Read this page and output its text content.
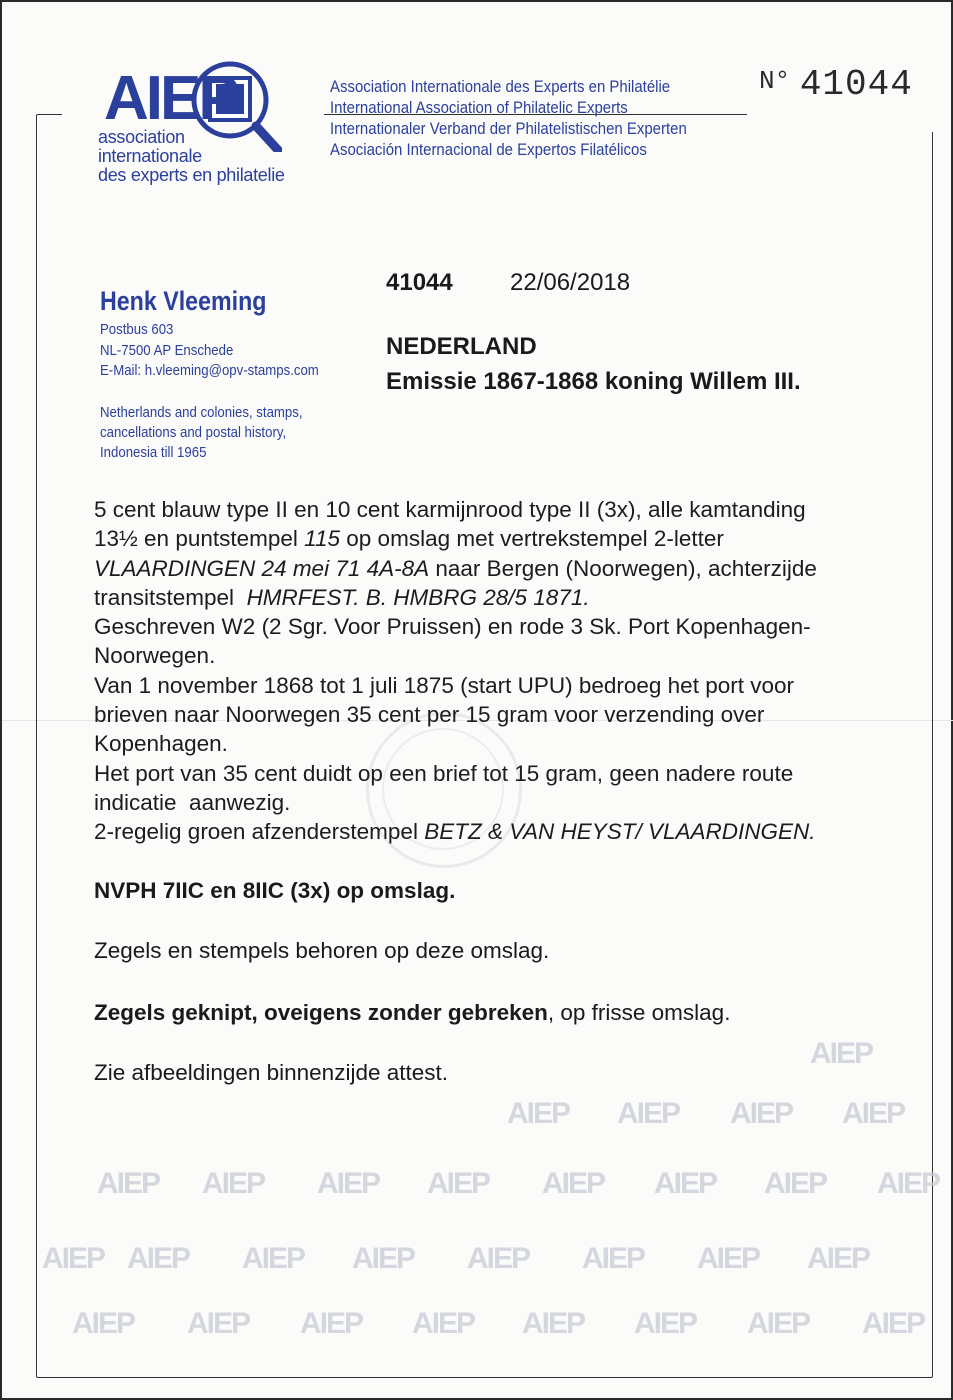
AIEP
AIEP AIEP AIEP AIEP
AIEP AIEP AIEP AIEP AIEP AIEP AIEP AIEP
AIEP AIEP AIEP AIEP AIEP AIEP AIEP AIEP
AIEP AIEP AIEP AIEP AIEP AIEP AIEP AIEP
AIEP
association
internationale
des experts en philatelie
Association Internationale des Experts en Philatélie
International Association of Philatelic Experts
Internationaler Verband der Philatelistischen Experten
Asociación Internacional de Expertos Filatélicos
N° 41044
Henk Vleeming
Postbus 603
NL-7500 AP Enschede
E-Mail: h.vleeming@opv-stamps.com
Netherlands and colonies, stamps,
cancellations and postal history,
Indonesia till 1965
41044 22/06/2018
NEDERLAND
Emissie 1867-1868 koning Willem III.
5 cent blauw type II en 10 cent karmijnrood type II (3x), alle kamtanding
13½ en puntstempel 115 op omslag met vertrekstempel 2-letter
VLAARDINGEN 24 mei 71 4A-8A naar Bergen (Noorwegen), achterzijde
transitstempel  HMRFEST. B. HMBRG 28/5 1871.
Geschreven W2 (2 Sgr. Voor Pruissen) en rode 3 Sk. Port Kopenhagen-
Noorwegen.
Van 1 november 1868 tot 1 juli 1875 (start UPU) bedroeg het port voor
brieven naar Noorwegen 35 cent per 15 gram voor verzending over
Kopenhagen.
Het port van 35 cent duidt op een brief tot 15 gram, geen nadere route
indicatie  aanwezig.
2-regelig groen afzenderstempel BETZ & VAN HEYST/ VLAARDINGEN.
NVPH 7IIC en 8IIC (3x) op omslag.
Zegels en stempels behoren op deze omslag.
Zegels geknipt, oveigens zonder gebreken, op frisse omslag.
Zie afbeeldingen binnenzijde attest.
